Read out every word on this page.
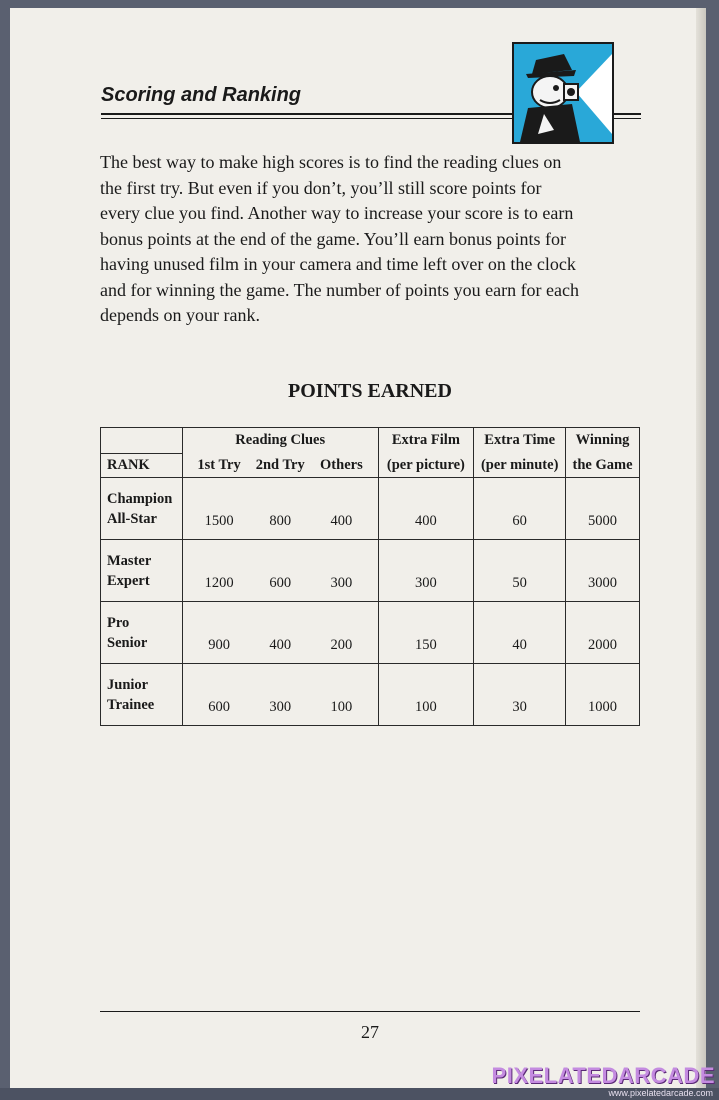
Scoring and Ranking

The best way to make high scores is to find the reading clues on the first try. But even if you don’t, you’ll still score points for every clue you find. Another way to increase your score is to earn bonus points at the end of the game. You’ll earn bonus points for having unused film in your camera and time left over on the clock and for winning the game. The number of points you earn for each depends on your rank.

POINTS EARNED
	Reading Clues	Extra Film	Extra Time	Winning
RANK	1st Try 2nd Try Others	(per picture)	(per minute)	the Game
Champion
All-Star	1500 800 400	400	60	5000
Master
Expert	1200 600 300	300	50	3000
Pro
Senior	900 400 200	150	40	2000
Junior
Trainee	600 300 100	100	30	1000
27
PIXELATEDARCADE
www.pixelatedarcade.com
